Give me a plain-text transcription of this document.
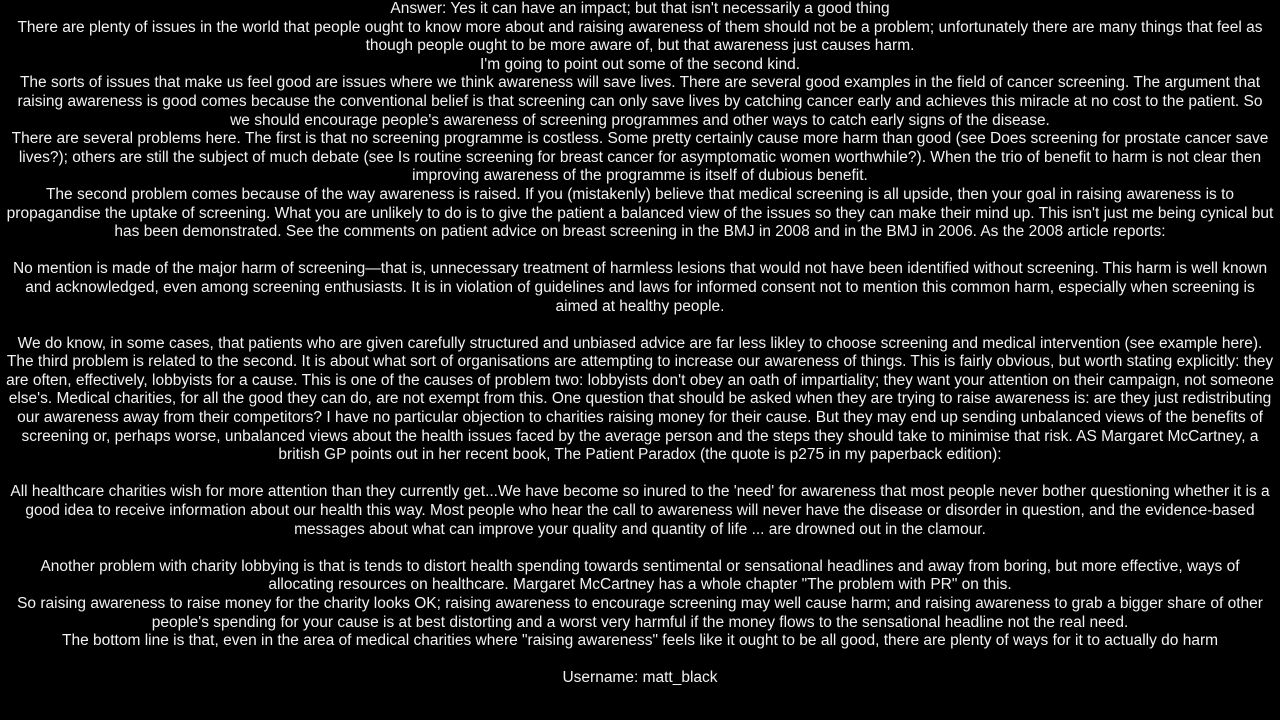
Answer: Yes it can have an impact; but that isn't necessarily a good thing
There are plenty of issues in the world that people ought to know more about and raising awareness of them should not be a problem; unfortunately there are many things that feel as though people ought to be more aware of, but that awareness just causes harm.
I'm going to point out some of the second kind.
The sorts of issues that make us feel good are issues where we think awareness will save lives. There are several good examples in the field of cancer screening. The argument that raising awareness is good comes because the conventional belief is that screening can only save lives by catching cancer early and achieves this miracle at no cost to the patient. So we should encourage people's awareness of screening programmes and other ways to catch early signs of the disease.
There are several problems here. The first is that no screening programme is costless. Some pretty certainly cause more harm than good (see Does screening for prostate cancer save lives?); others are still the subject of much debate (see Is routine screening for breast cancer for asymptomatic women worthwhile?). When the trio of benefit to harm is not clear then improving awareness of the programme is itself of dubious benefit.
The second problem comes because of the way awareness is raised. If you (mistakenly) believe that medical screening is all upside, then your goal in raising awareness is to propagandise the uptake of screening. What you are unlikely to do is to give the patient a balanced view of the issues so they can make their mind up. This isn't just me being cynical but has been demonstrated. See the comments on patient advice on breast screening in the BMJ in 2008 and in the BMJ in 2006. As the 2008 article reports:
No mention is made of the major harm of screening—that is, unnecessary treatment of harmless lesions that would not have been identified without screening. This harm is well known and acknowledged, even among screening enthusiasts. It is in violation of guidelines and laws for informed consent not to mention this common harm, especially when screening is aimed at healthy people.
We do know, in some cases, that patients who are given carefully structured and unbiased advice are far less likley to choose screening and medical intervention (see example here).
The third problem is related to the second. It is about what sort of organisations are attempting to increase our awareness of things. This is fairly obvious, but worth stating explicitly: they are often, effectively, lobbyists for a cause. This is one of the causes of problem two: lobbyists don't obey an oath of impartiality; they want your attention on their campaign, not someone else's. Medical charities, for all the good they can do, are not exempt from this. One question that should be asked when they are trying to raise awareness is: are they just redistributing our awareness away from their competitors? I have no particular objection to charities raising money for their cause. But they may end up sending unbalanced views of the benefits of screening or, perhaps worse, unbalanced views about the health issues faced by the average person and the steps they should take to minimise that risk. AS Margaret McCartney, a british GP points out in her recent book, The Patient Paradox (the quote is p275 in my paperback edition):
All healthcare charities wish for more attention than they currently get...We have become so inured to the 'need' for awareness that most people never bother questioning whether it is a good idea to receive information about our health this way. Most people who hear the call to awareness will never have the disease or disorder in question, and the evidence-based messages about what can improve your quality and quantity of life ... are drowned out in the clamour.
Another problem with charity lobbying is that is tends to distort health spending towards sentimental or sensational headlines and away from boring, but more effective, ways of allocating resources on healthcare. Margaret McCartney has a whole chapter "The problem with PR" on this.
So raising awareness to raise money for the charity looks OK; raising awareness to encourage screening may well cause harm; and raising awareness to grab a bigger share of other people's spending for your cause is at best distorting and a worst very harmful if the money flows to the sensational headline not the real need.
The bottom line is that, even in the area of medical charities where "raising awareness" feels like it ought to be all good, there are plenty of ways for it to actually do harm
Username: matt_black
